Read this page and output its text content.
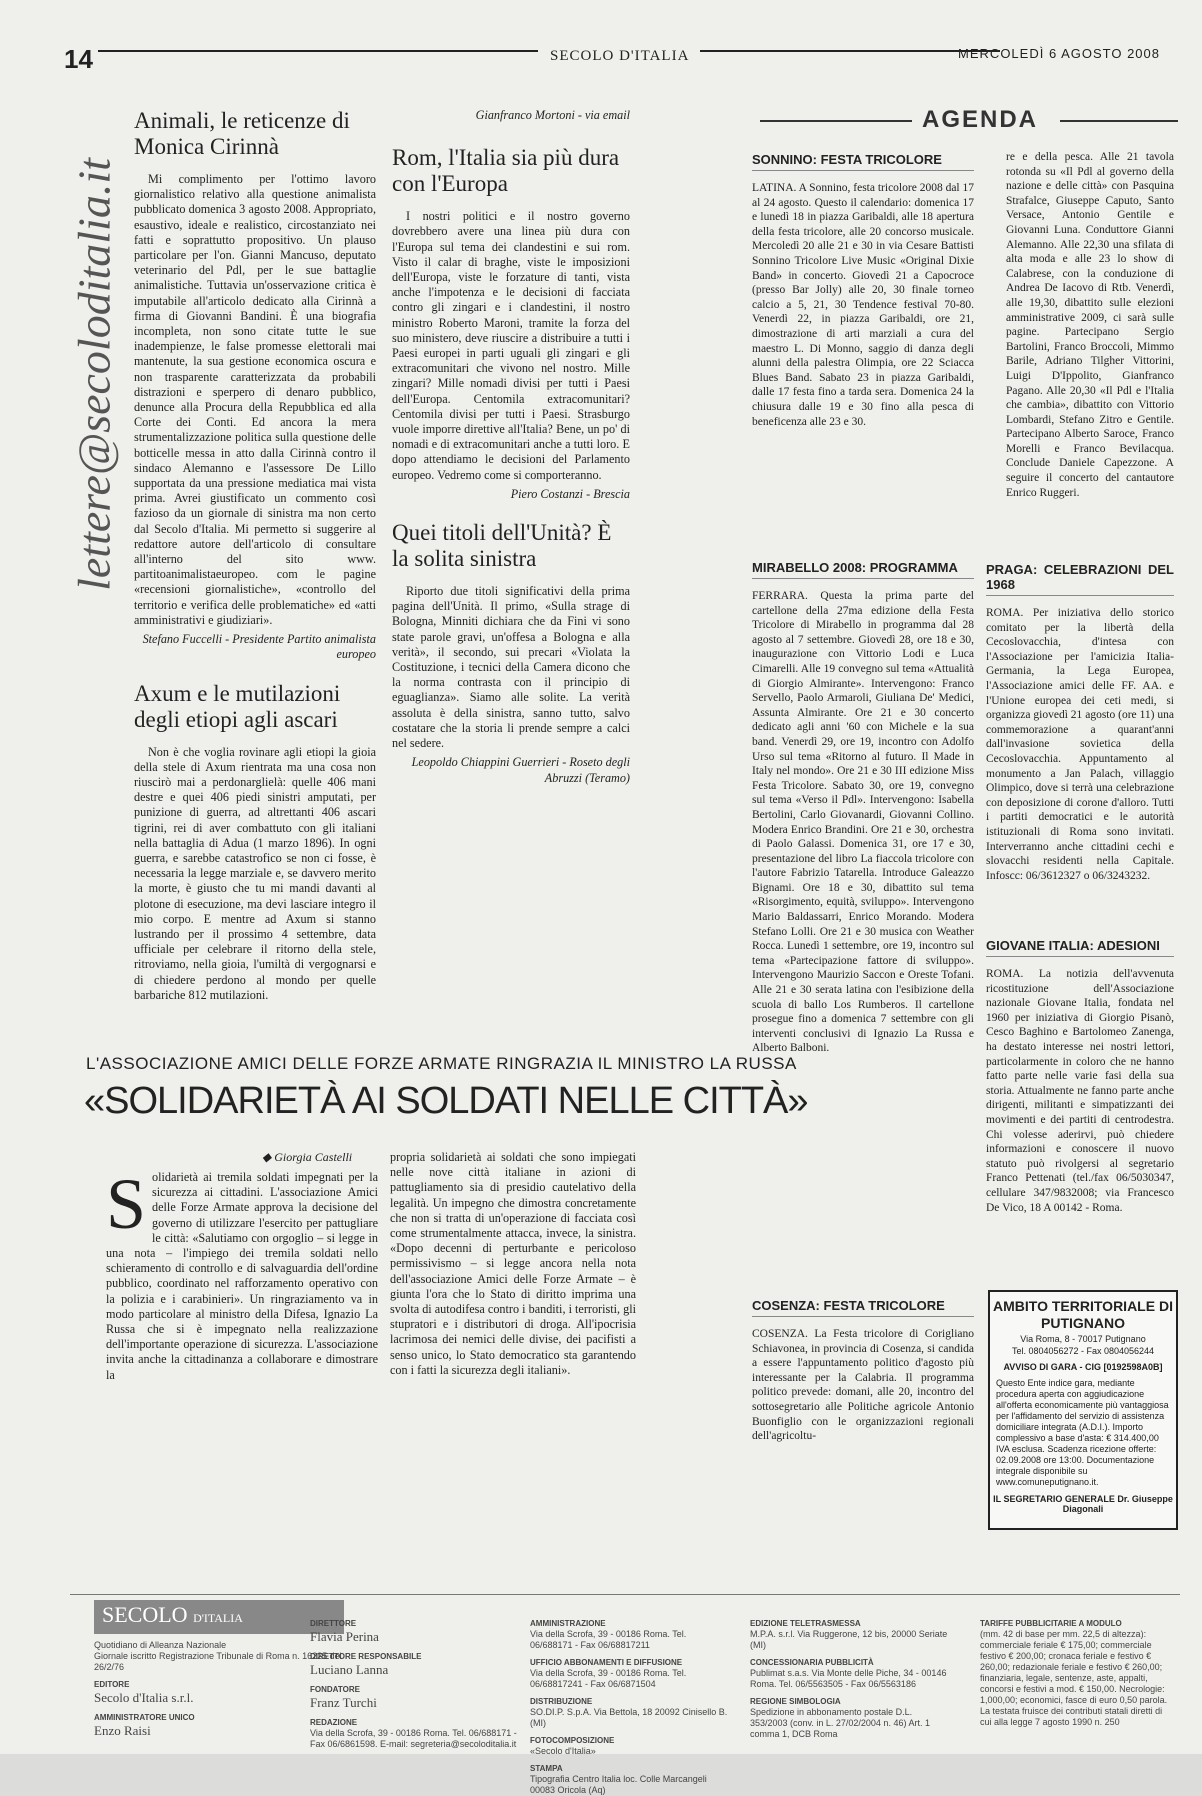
14	SECOLO D'ITALIA	MERCOLEDÌ 6 AGOSTO 2008
lettere@secoloditalia.it

Animali, le reticenze di Monica Cirinnà

Mi complimento per l'ottimo lavoro giornalistico relativo alla questione animalista pubblicato domenica 3 agosto 2008. Appropriato, esaustivo, ideale e realistico, circostanziato nei fatti e soprattutto propositivo. Un plauso particolare per l'on. Gianni Mancuso, deputato veterinario del Pdl, per le sue battaglie animalistiche. Tuttavia un'osservazione critica è imputabile all'articolo dedicato alla Cirinnà a firma di Giovanni Bandini. È una biografia incompleta, non sono citate tutte le sue inadempienze, le false promesse elettorali mai mantenute, la sua gestione economica oscura e non trasparente caratterizzata da probabili distrazioni e sperpero di denaro pubblico, denunce alla Procura della Repubblica ed alla Corte dei Conti. Ed ancora la mera strumentalizzazione politica sulla questione delle botticelle messa in atto dalla Cirinnà contro il sindaco Alemanno e l'assessore De Lillo supportata da una pressione mediatica mai vista prima. Avrei giustificato un commento così fazioso da un giornale di sinistra ma non certo dal Secolo d'Italia. Mi permetto si suggerire al redattore autore dell'articolo di consultare all'interno del sito www. partitoanimalistaeuropeo. com le pagine «recensioni giornalistiche», «controllo del territorio e verifica delle problematiche» ed «atti amministrativi e giudiziari».

Stefano Fuccelli - Presidente Partito animalista europeo

Axum e le mutilazioni degli etiopi agli ascari

Non è che voglia rovinare agli etiopi la gioia della stele di Axum rientrata ma una cosa non riuscirò mai a perdonarglielà: quelle 406 mani destre e quei 406 piedi sinistri amputati, per punizione di guerra, ad altrettanti 406 ascari tigrini, rei di aver combattuto con gli italiani nella battaglia di Adua (1 marzo 1896). In ogni guerra, e sarebbe catastrofico se non ci fosse, è necessaria la legge marziale e, se davvero merito la morte, è giusto che tu mi mandi davanti al plotone di esecuzione, ma devi lasciare integro il mio corpo. E mentre ad Axum si stanno lustrando per il prossimo 4 settembre, data ufficiale per celebrare il ritorno della stele, ritroviamo, nella gioia, l'umiltà di vergognarsi e di chiedere perdono al mondo per quelle barbariche 812 mutilazioni.

Gianfranco Mortoni - via email

Rom, l'Italia sia più dura con l'Europa

I nostri politici e il nostro governo dovrebbero avere una linea più dura con l'Europa sul tema dei clandestini e sui rom. Visto il calar di braghe, viste le imposizioni dell'Europa, viste le forzature di tanti, vista anche l'impotenza e le decisioni di facciata contro gli zingari e i clandestini, il nostro ministro Roberto Maroni, tramite la forza del suo ministero, deve riuscire a distribuire a tutti i Paesi europei in parti uguali gli zingari e gli extracomunitari che vivono nel nostro. Mille zingari? Mille nomadi divisi per tutti i Paesi dell'Europa. Centomila extracomunitari? Centomila divisi per tutti i Paesi. Strasburgo vuole imporre direttive all'Italia? Bene, un po' di nomadi e di extracomunitari anche a tutti loro. E dopo attendiamo le decisioni del Parlamento europeo. Vedremo come si comporteranno.

Piero Costanzi - Brescia

Quei titoli dell'Unità? È la solita sinistra

Riporto due titoli significativi della prima pagina dell'Unità. Il primo, «Sulla strage di Bologna, Minniti dichiara che da Fini vi sono state parole gravi, un'offesa a Bologna e alla verità», il secondo, sui precari «Violata la Costituzione, i tecnici della Camera dicono che la norma contrasta con il principio di eguaglianza». Siamo alle solite. La verità assoluta è della sinistra, sanno tutto, salvo costatare che la storia li prende sempre a calci nel sedere.

Leopoldo Chiappini Guerrieri - Roseto degli Abruzzi (Teramo)

AGENDA
SONNINO: FESTA TRICOLORE

LATINA. A Sonnino, festa tricolore 2008 dal 17 al 24 agosto. Questo il calendario: domenica 17 e lunedì 18 in piazza Garibaldi, alle 18 apertura della festa tricolore, alle 20 concorso musicale. Mercoledì 20 alle 21 e 30 in via Cesare Battisti Sonnino Tricolore Live Music «Original Dixie Band» in concerto. Giovedì 21 a Capocroce (presso Bar Jolly) alle 20, 30 finale torneo calcio a 5, 21, 30 Tendence festival 70-80. Venerdì 22, in piazza Garibaldi, ore 21, dimostrazione di arti marziali a cura del maestro L. Di Monno, saggio di danza degli alunni della palestra Olimpia, ore 22 Sciacca Blues Band. Sabato 23 in piazza Garibaldi, dalle 17 festa fino a tarda sera. Domenica 24 la chiusura dalle 19 e 30 fino alla pesca di beneficenza alle 23 e 30.

re e della pesca. Alle 21 tavola rotonda su «Il Pdl al governo della nazione e delle città» con Pasquina Strafalce, Giuseppe Caputo, Santo Versace, Antonio Gentile e Giovanni Luna. Conduttore Gianni Alemanno. Alle 22,30 una sfilata di alta moda e alle 23 lo show di Calabrese, con la conduzione di Andrea De Iacovo di Rtb. Venerdì, alle 19,30, dibattito sulle elezioni amministrative 2009, ci sarà sulle pagine. Partecipano Sergio Bartolini, Franco Broccoli, Mimmo Barile, Adriano Tilgher Vittorini, Luigi D'Ippolito, Gianfranco Pagano. Alle 20,30 «Il Pdl e l'Italia che cambia», dibattito con Vittorio Lombardi, Stefano Zitro e Gentile. Partecipano Alberto Saroce, Franco Morelli e Franco Bevilacqua. Conclude Daniele Capezzone. A seguire il concerto del cantautore Enrico Ruggeri.

MIRABELLO 2008: PROGRAMMA

FERRARA. Questa la prima parte del cartellone della 27ma edizione della Festa Tricolore di Mirabello in programma dal 28 agosto al 7 settembre. Giovedì 28, ore 18 e 30, inaugurazione con Vittorio Lodi e Luca Cimarelli. Alle 19 convegno sul tema «Attualità di Giorgio Almirante». Intervengono: Franco Servello, Paolo Armaroli, Giuliana De' Medici, Assunta Almirante. Ore 21 e 30 concerto dedicato agli anni '60 con Michele e la sua band. Venerdì 29, ore 19, incontro con Adolfo Urso sul tema «Ritorno al futuro. Il Made in Italy nel mondo». Ore 21 e 30 III edizione Miss Festa Tricolore. Sabato 30, ore 19, convegno sul tema «Verso il Pdl». Intervengono: Isabella Bertolini, Carlo Giovanardi, Giovanni Collino. Modera Enrico Brandini. Ore 21 e 30, orchestra di Paolo Galassi. Domenica 31, ore 17 e 30, presentazione del libro La fiaccola tricolore con l'autore Fabrizio Tatarella. Introduce Galeazzo Bignami. Ore 18 e 30, dibattito sul tema «Risorgimento, equità, sviluppo». Intervengono Mario Baldassarri, Enrico Morando. Modera Stefano Lolli. Ore 21 e 30 musica con Weather Rocca. Lunedì 1 settembre, ore 19, incontro sul tema «Partecipazione fattore di sviluppo». Intervengono Maurizio Saccon e Oreste Tofani. Alle 21 e 30 serata latina con l'esibizione della scuola di ballo Los Rumberos. Il cartellone prosegue fino a domenica 7 settembre con gli interventi conclusivi di Ignazio La Russa e Alberto Balboni.

PRAGA: CELEBRAZIONI DEL 1968

ROMA. Per iniziativa dello storico comitato per la libertà della Cecoslovacchia, d'intesa con l'Associazione per l'amicizia Italia-Germania, la Lega Europea, l'Associazione amici delle FF. AA. e l'Unione europea dei ceti medi, si organizza giovedì 21 agosto (ore 11) una commemorazione a quarant'anni dall'invasione sovietica della Cecoslovacchia. Appuntamento al monumento a Jan Palach, villaggio Olimpico, dove si terrà una celebrazione con deposizione di corone d'alloro. Tutti i partiti democratici e le autorità istituzionali di Roma sono invitati. Interverranno anche cittadini cechi e slovacchi residenti nella Capitale. Infoscc: 06/3612327 o 06/3243232.

GIOVANE ITALIA: ADESIONI

ROMA. La notizia dell'avvenuta ricostituzione dell'Associazione nazionale Giovane Italia, fondata nel 1960 per iniziativa di Giorgio Pisanò, Cesco Baghino e Bartolomeo Zanenga, ha destato interesse nei nostri lettori, particolarmente in coloro che ne hanno fatto parte nelle varie fasi della sua storia. Attualmente ne fanno parte anche dirigenti, militanti e simpatizzanti dei movimenti e dei partiti di centrodestra. Chi volesse aderirvi, può chiedere informazioni e conoscere il nuovo statuto può rivolgersi al segretario Franco Pettenati (tel./fax 06/5030347, cellulare 347/9832008; via Francesco De Vico, 18 A 00142 - Roma.

COSENZA: FESTA TRICOLORE

COSENZA. La Festa tricolore di Corigliano Schiavonea, in provincia di Cosenza, si candida a essere l'appuntamento politico d'agosto più interessante per la Calabria. Il programma politico prevede: domani, alle 20, incontro del sottosegretario alle Politiche agricole Antonio Buonfiglio con le organizzazioni regionali dell'agricoltu-

L'ASSOCIAZIONE AMICI DELLE FORZE ARMATE RINGRAZIA IL MINISTRO LA RUSSA
«SOLIDARIETÀ AI SOLDATI NELLE CITTÀ»
◆ Giorgia Castelli
S olidarietà ai tremila soldati impegnati per la sicurezza ai cittadini. L'associazione Amici delle Forze Armate approva la decisione del governo di utilizzare l'esercito per pattugliare le città: «Salutiamo con orgoglio – si legge in una nota – l'impiego dei tremila soldati nello schieramento di controllo e di salvaguardia dell'ordine pubblico, coordinato nel rafforzamento operativo con la polizia e i carabinieri». Un ringraziamento va in modo particolare al ministro della Difesa, Ignazio La Russa che si è impegnato nella realizzazione dell'importante operazione di sicurezza. L'associazione invita anche la cittadinanza a collaborare e dimostrare la
propria solidarietà ai soldati che sono impiegati nelle nove città italiane in azioni di pattugliamento sia di presidio cautelativo della legalità. Un impegno che dimostra concretamente che non si tratta di un'operazione di facciata così come strumentalmente attacca, invece, la sinistra. «Dopo decenni di perturbante e pericoloso permissivismo – si legge ancora nella nota dell'associazione Amici delle Forze Armate – è giunta l'ora che lo Stato di diritto imprima una svolta di autodifesa contro i banditi, i terroristi, gli stupratori e i distributori di droga. All'ipocrisia lacrimosa dei nemici delle divise, dei pacifisti a senso unico, lo Stato democratico sta garantendo con i fatti la sicurezza degli italiani».
AMBITO TERRITORIALE DI PUTIGNANO
Via Roma, 8 - 70017 Putignano
Tel. 0804056272 - Fax 0804056244
AVVISO DI GARA - CIG [0192598A0B]
Questo Ente indice gara, mediante procedura aperta con aggiudicazione all'offerta economicamente più vantaggiosa per l'affidamento del servizio di assistenza domiciliare integrata (A.D.I.). Importo complessivo a base d'asta: € 314.400,00 IVA esclusa. Scadenza ricezione offerte: 02.09.2008 ore 13:00. Documentazione integrale disponibile su www.comuneputignano.it.
IL SEGRETARIO GENERALE Dr. Giuseppe Diagonali
SECOLO D'ITALIA
Quotidiano di Alleanza Nazionale
Giornale iscritto Registrazione Tribunale di Roma n. 16225 del 26/2/76
EDITORE
Secolo d'Italia s.r.l.
AMMINISTRATORE UNICO
Enzo Raisi
DIRETTORE
Flavia Perina
DIRETTORE RESPONSABILE
Luciano Lanna
FONDATORE
Franz Turchi
REDAZIONE
Via della Scrofa, 39 - 00186 Roma. Tel. 06/688171 - Fax 06/6861598. E-mail: segreteria@secoloditalia.it
AMMINISTRAZIONE
Via della Scrofa, 39 - 00186 Roma. Tel. 06/688171 - Fax 06/68817211
UFFICIO ABBONAMENTI E DIFFUSIONE
Via della Scrofa, 39 - 00186 Roma. Tel. 06/68817241 - Fax 06/6871504
DISTRIBUZIONE
SO.DI.P. S.p.A. Via Bettola, 18 20092 Cinisello B. (MI)
FOTOCOMPOSIZIONE
«Secolo d'Italia»
STAMPA
Tipografia Centro Italia loc. Colle Marcangeli 00083 Oricola (Aq)
EDIZIONE TELETRASMESSA
M.P.A. s.r.l. Via Ruggerone, 12 bis, 20000 Seriate (MI)
CONCESSIONARIA PUBBLICITÀ
Publimat s.a.s. Via Monte delle Piche, 34 - 00146 Roma. Tel. 06/5563505 - Fax 06/5563186
REGIONE SIMBOLOGIA
Spedizione in abbonamento postale D.L. 353/2003 (conv. in L. 27/02/2004 n. 46) Art. 1 comma 1, DCB Roma
TARIFFE PUBBLICITARIE A MODULO
(mm. 42 di base per mm. 22,5 di altezza): commerciale feriale € 175,00; commerciale festivo € 200,00; cronaca feriale e festivo € 260,00; redazionale feriale e festivo € 260,00; finanziaria, legale, sentenze, aste, appalti, concorsi e festivi a mod. € 150,00. Necrologie: 1,000,00; economici, fasce di euro 0,50 parola. La testata fruisce dei contributi statali diretti di cui alla legge 7 agosto 1990 n. 250
